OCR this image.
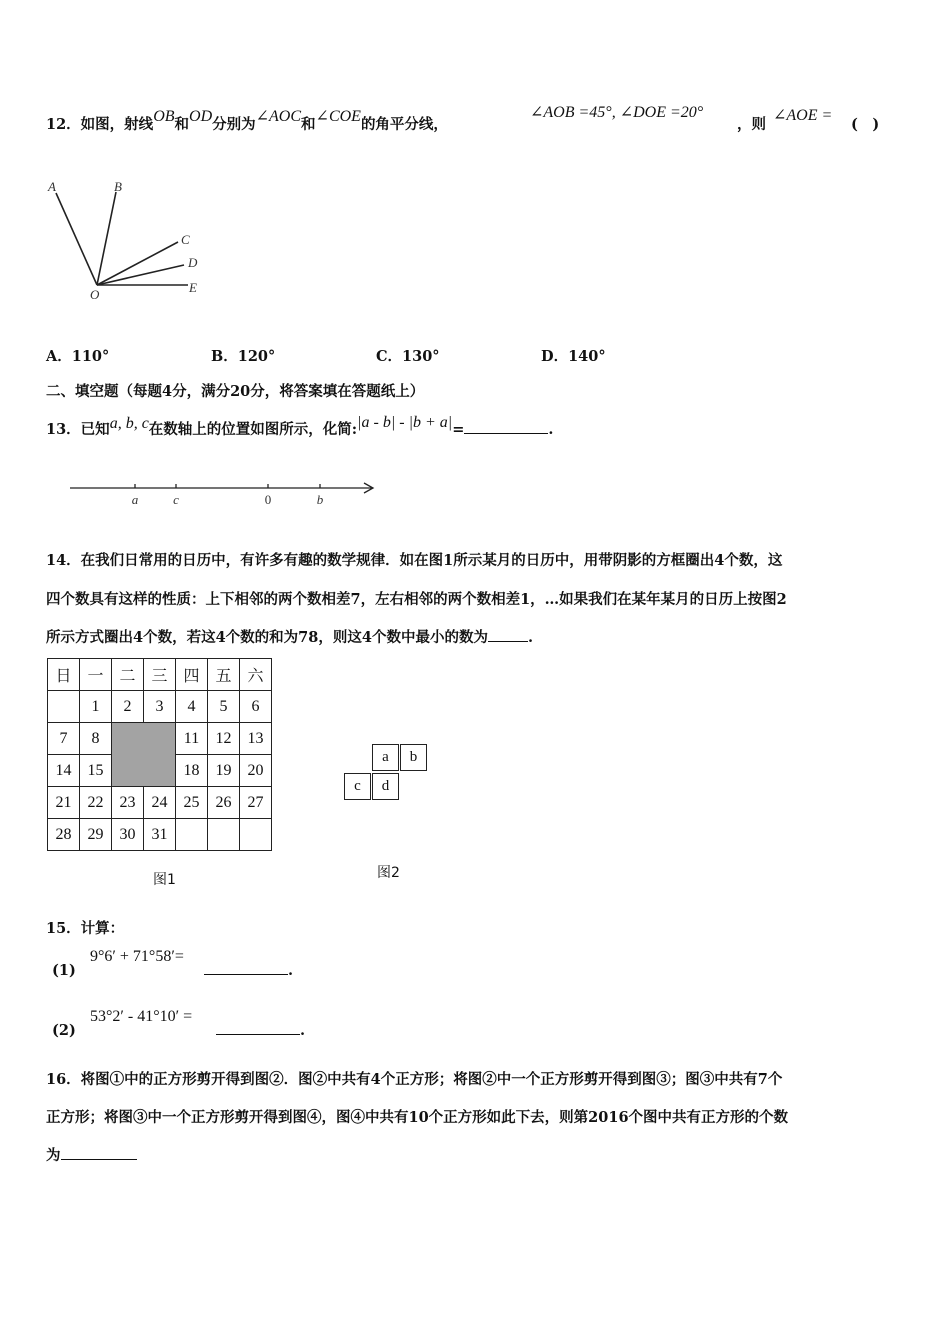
12．如图，射线OB和OD分别为∠AOC和∠COE的角平分线，
∠AOB =45°, ∠DOE =20°
，则
∠AOE =
(　)
A	B
C
D
O	E
A．110°	B．120°	C．130°	D．140°
二、填空题（每题4分，满分20分，将答案填在答题纸上）
13．已知a, b, c在数轴上的位置如图所示，化简:|a - b| - |b + a|=	.
a	c	0	b
14．在我们日常用的日历中，有许多有趣的数学规律．如在图1所示某月的日历中，用带阴影的方框圈出4个数，这
四个数具有这样的性质：上下相邻的两个数相差7，左右相邻的两个数相差1，…如果我们在某年某月的日历上按图2
所示方式圈出4个数，若这4个数的和为78，则这4个数中最小的数为	.
日	一	二	三	四	五	六
	1	2	3	4	5	6
7	8			11	12	13
14	15			18	19	20
21	22	23	24	25	26	27
28	29	30	31			
图1
a	b
c	d
图2
15．计算：
(1)
9°6′ + 71°58′=
.
(2)
53°2′ - 41°10′ =
.
16．将图①中的正方形剪开得到图②．图②中共有4个正方形；将图②中一个正方形剪开得到图③；图③中共有7个
正方形；将图③中一个正方形剪开得到图④，图④中共有10个正方形如此下去，则第2016个图中共有正方形的个数
为
